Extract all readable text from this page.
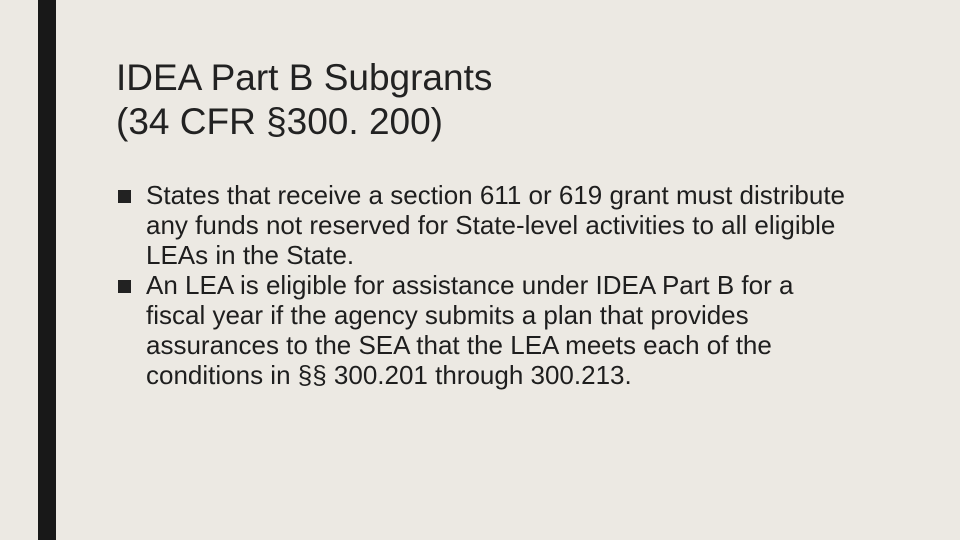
IDEA Part B Subgrants
(34 CFR §300. 200)
States that receive a section 611 or 619 grant must distribute any funds not reserved for State-level activities to all eligible LEAs in the State.
An LEA is eligible for assistance under IDEA Part B for a fiscal year if the agency submits a plan that provides assurances to the SEA that the LEA meets each of the conditions in §§ 300.201 through 300.213.
